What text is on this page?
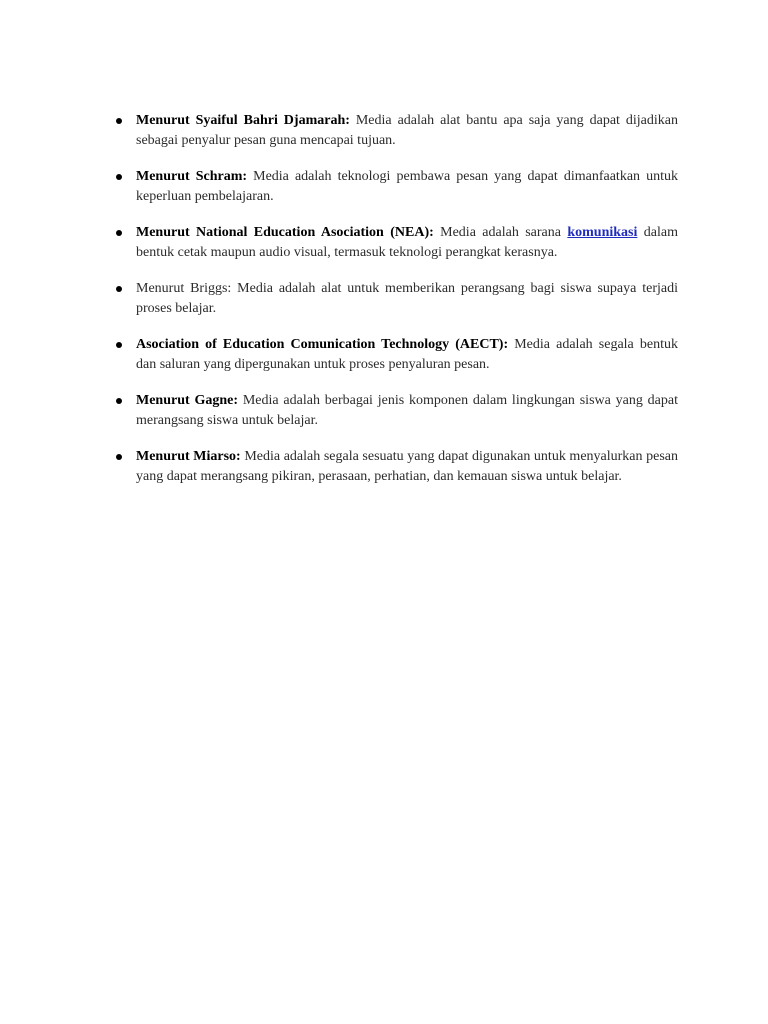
Menurut Syaiful Bahri Djamarah: Media adalah alat bantu apa saja yang dapat dijadikan sebagai penyalur pesan guna mencapai tujuan.
Menurut Schram: Media adalah teknologi pembawa pesan yang dapat dimanfaatkan untuk keperluan pembelajaran.
Menurut National Education Asociation (NEA): Media adalah sarana komunikasi dalam bentuk cetak maupun audio visual, termasuk teknologi perangkat kerasnya.
Menurut Briggs: Media adalah alat untuk memberikan perangsang bagi siswa supaya terjadi proses belajar.
Asociation of Education Comunication Technology (AECT): Media adalah segala bentuk dan saluran yang dipergunakan untuk proses penyaluran pesan.
Menurut Gagne: Media adalah berbagai jenis komponen dalam lingkungan siswa yang dapat merangsang siswa untuk belajar.
Menurut Miarso: Media adalah segala sesuatu yang dapat digunakan untuk menyalurkan pesan yang dapat merangsang pikiran, perasaan, perhatian, dan kemauan siswa untuk belajar.
